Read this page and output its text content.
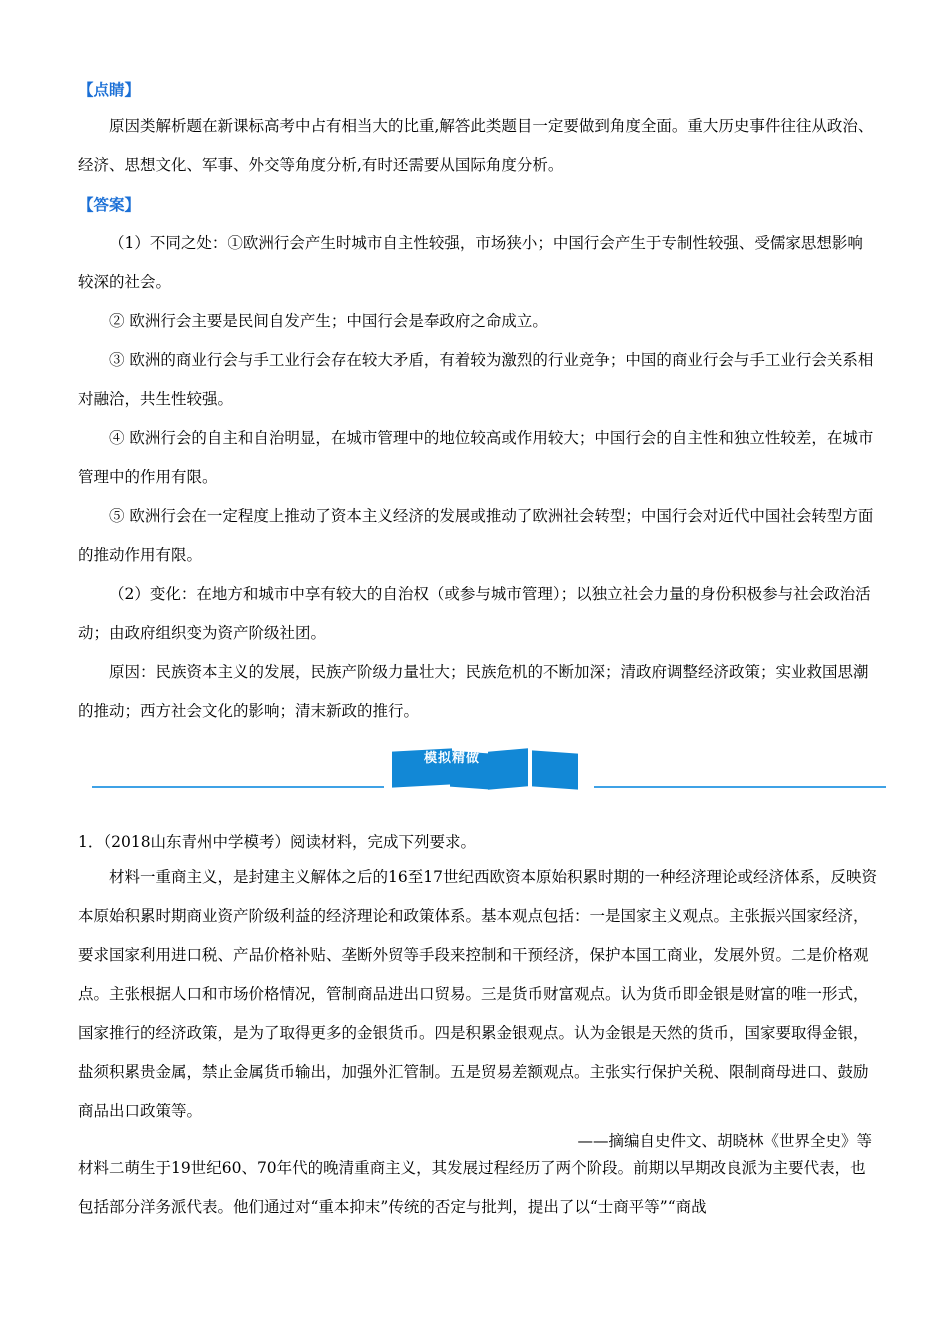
【点睛】

原因类解析题在新课标高考中占有相当大的比重,解答此类题目一定要做到角度全面。重大历史事件往往从政治、经济、思想文化、军事、外交等角度分析,有时还需要从国际角度分析。

【答案】

（1）不同之处：①欧洲行会产生时城市自主性较强，市场狭小；中国行会产生于专制性较强、受儒家思想影响较深的社会。

② 欧洲行会主要是民间自发产生；中国行会是奉政府之命成立。

③ 欧洲的商业行会与手工业行会存在较大矛盾，有着较为激烈的行业竞争；中国的商业行会与手工业行会关系相对融洽，共生性较强。

④ 欧洲行会的自主和自治明显，在城市管理中的地位较高或作用较大；中国行会的自主性和独立性较差，在城市管理中的作用有限。

⑤ 欧洲行会在一定程度上推动了资本主义经济的发展或推动了欧洲社会转型；中国行会对近代中国社会转型方面的推动作用有限。

（2）变化：在地方和城市中享有较大的自治权（或参与城市管理）；以独立社会力量的身份积极参与社会政治活动；由政府组织变为资产阶级社团。

原因：民族资本主义的发展，民族产阶级力量壮大；民族危机的不断加深；清政府调整经济政策；实业救国思潮的推动；西方社会文化的影响；清末新政的推行。

模拟精做

1．（2018山东青州中学模考）阅读材料，完成下列要求。

材料一重商主义，是封建主义解体之后的16至17世纪西欧资本原始积累时期的一种经济理论或经济体系，反映资本原始积累时期商业资产阶级利益的经济理论和政策体系。基本观点包括：一是国家主义观点。主张振兴国家经济，要求国家利用进口税、产品价格补贴、垄断外贸等手段来控制和干预经济，保护本国工商业，发展外贸。二是价格观点。主张根据人口和市场价格情况，管制商品进出口贸易。三是货币财富观点。认为货币即金银是财富的唯一形式，国家推行的经济政策，是为了取得更多的金银货币。四是积累金银观点。认为金银是天然的货币，国家要取得金银，盐须积累贵金属，禁止金属货币输出，加强外汇管制。五是贸易差额观点。主张实行保护关税、限制商母进口、鼓励商品出口政策等。

——摘编自史件文、胡晓林《世界全史》等

材料二萌生于19世纪60、70年代的晚清重商主义，其发展过程经历了两个阶段。前期以早期改良派为主要代表，也包括部分洋务派代表。他们通过对“重本抑末”传统的否定与批判，提出了以“士商平等”“商战
